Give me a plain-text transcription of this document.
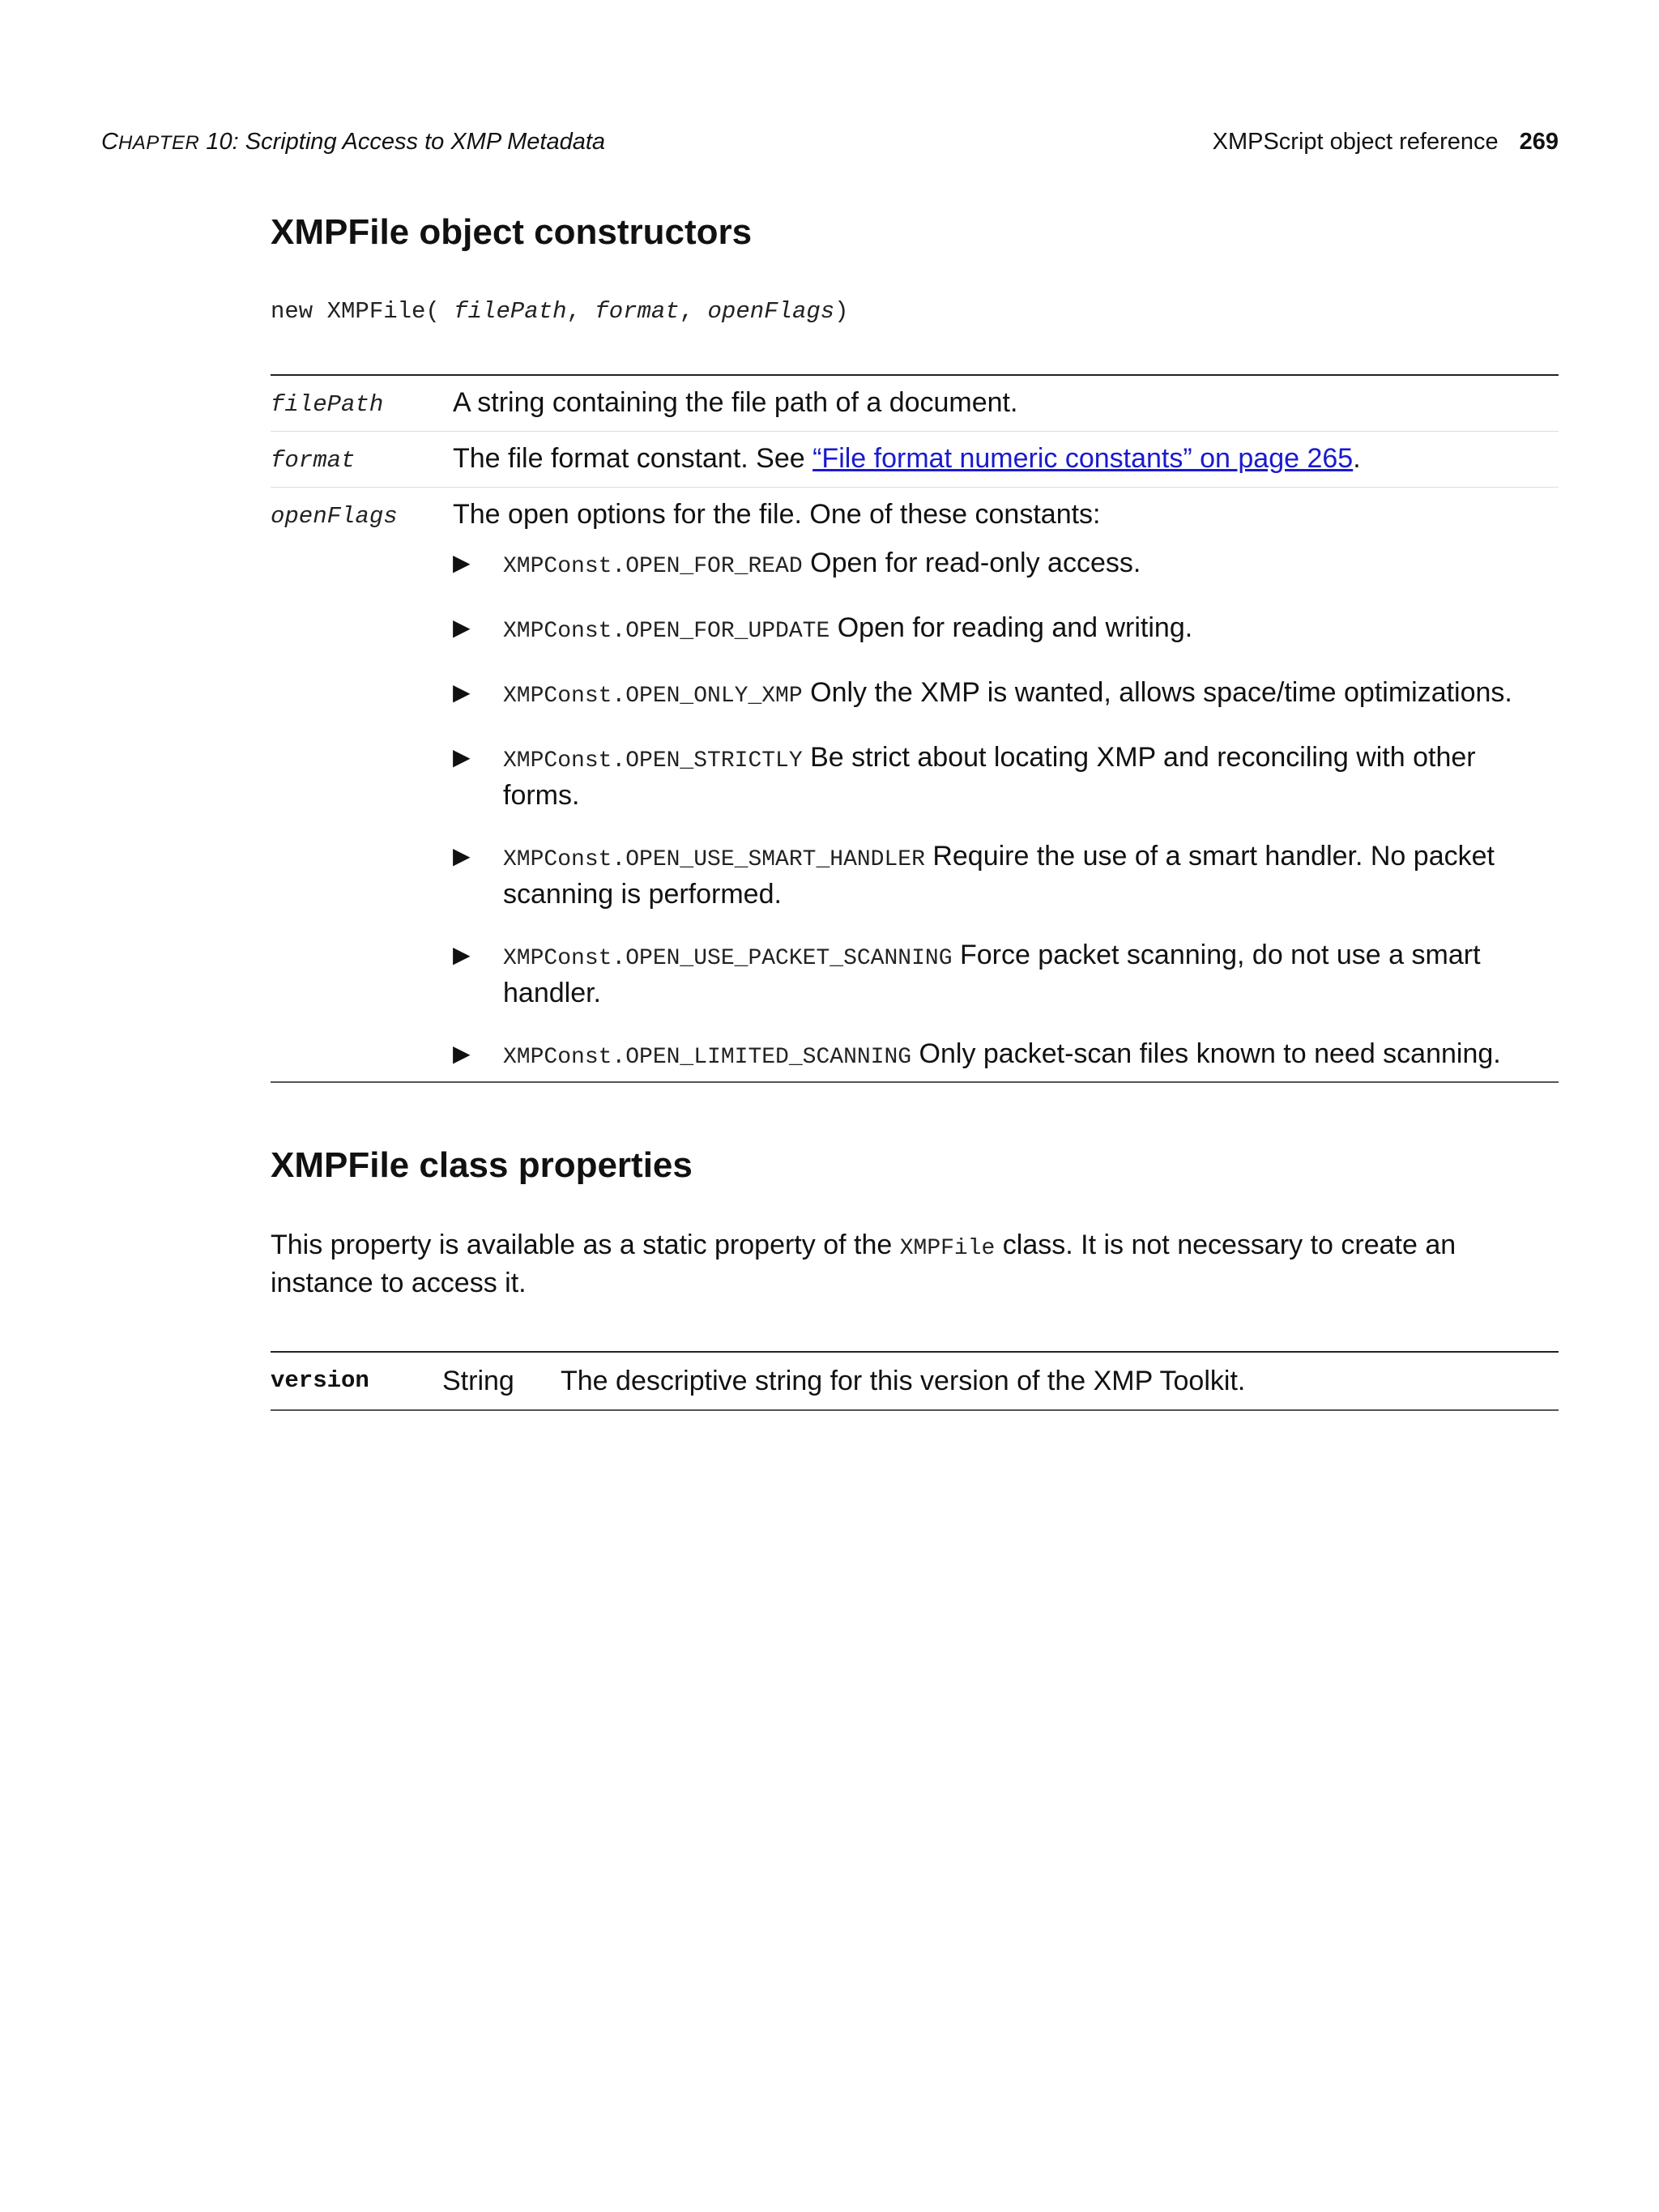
CHAPTER 10: Scripting Access to XMP Metadata	XMPScript object reference 269
XMPFile object constructors
new XMPFile( filePath, format, openFlags)
filePath	A string containing the file path of a document.
format	The file format constant. See “File format numeric constants” on page 265.
openFlags	The open options for the file. One of these constants:
▶	XMPConst.OPEN_FOR_READ Open for read-only access.
▶	XMPConst.OPEN_FOR_UPDATE Open for reading and writing.
▶	XMPConst.OPEN_ONLY_XMP Only the XMP is wanted, allows space/time optimizations.
▶	XMPConst.OPEN_STRICTLY Be strict about locating XMP and reconciling with other forms.
▶	XMPConst.OPEN_USE_SMART_HANDLER Require the use of a smart handler. No packet scanning is performed.
▶	XMPConst.OPEN_USE_PACKET_SCANNING Force packet scanning, do not use a smart handler.
▶	XMPConst.OPEN_LIMITED_SCANNING Only packet-scan files known to need scanning.
XMPFile class properties
This property is available as a static property of the XMPFile class. It is not necessary to create an instance to access it.
version	String	The descriptive string for this version of the XMP Toolkit.
